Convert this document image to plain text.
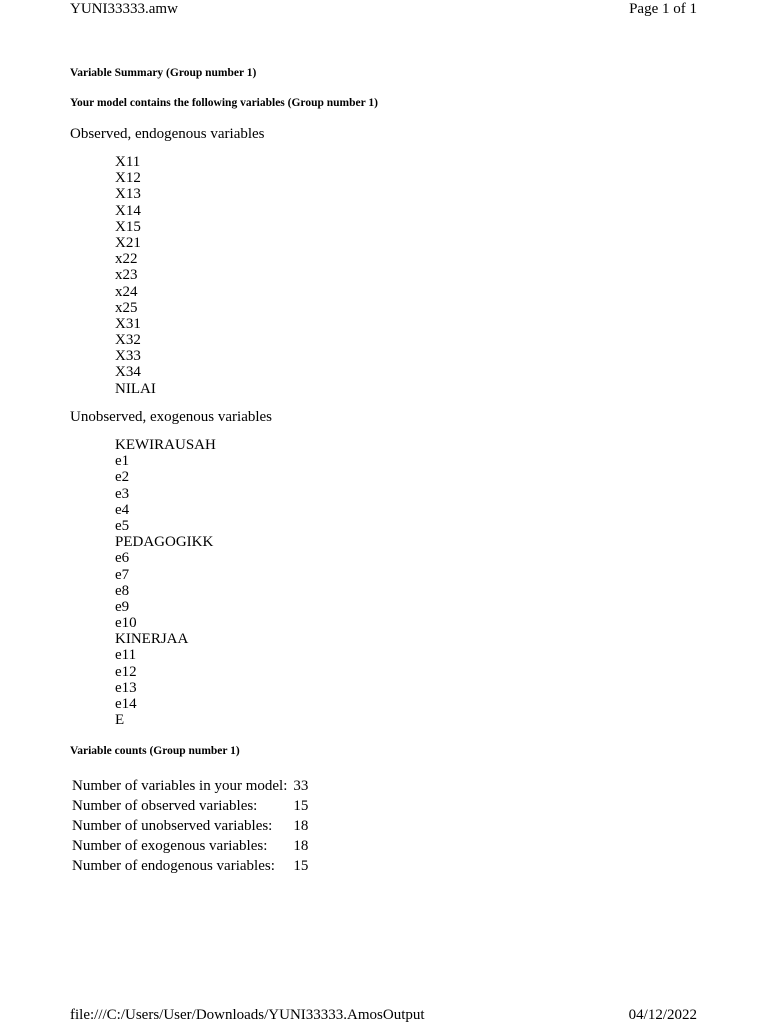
YUNI33333.amw	Page 1 of 1
Variable Summary (Group number 1)
Your model contains the following variables (Group number 1)
Observed, endogenous variables
X11
X12
X13
X14
X15
X21
x22
x23
x24
x25
X31
X32
X33
X34
NILAI
Unobserved, exogenous variables
KEWIRAUSAH
e1
e2
e3
e4
e5
PEDAGOGIKK
e6
e7
e8
e9
e10
KINERJAA
e11
e12
e13
e14
E
Variable counts (Group number 1)
Number of variables in your model:	33
Number of observed variables:	15
Number of unobserved variables:	18
Number of exogenous variables:	18
Number of endogenous variables:	15
file:///C:/Users/User/Downloads/YUNI33333.AmosOutput	04/12/2022
